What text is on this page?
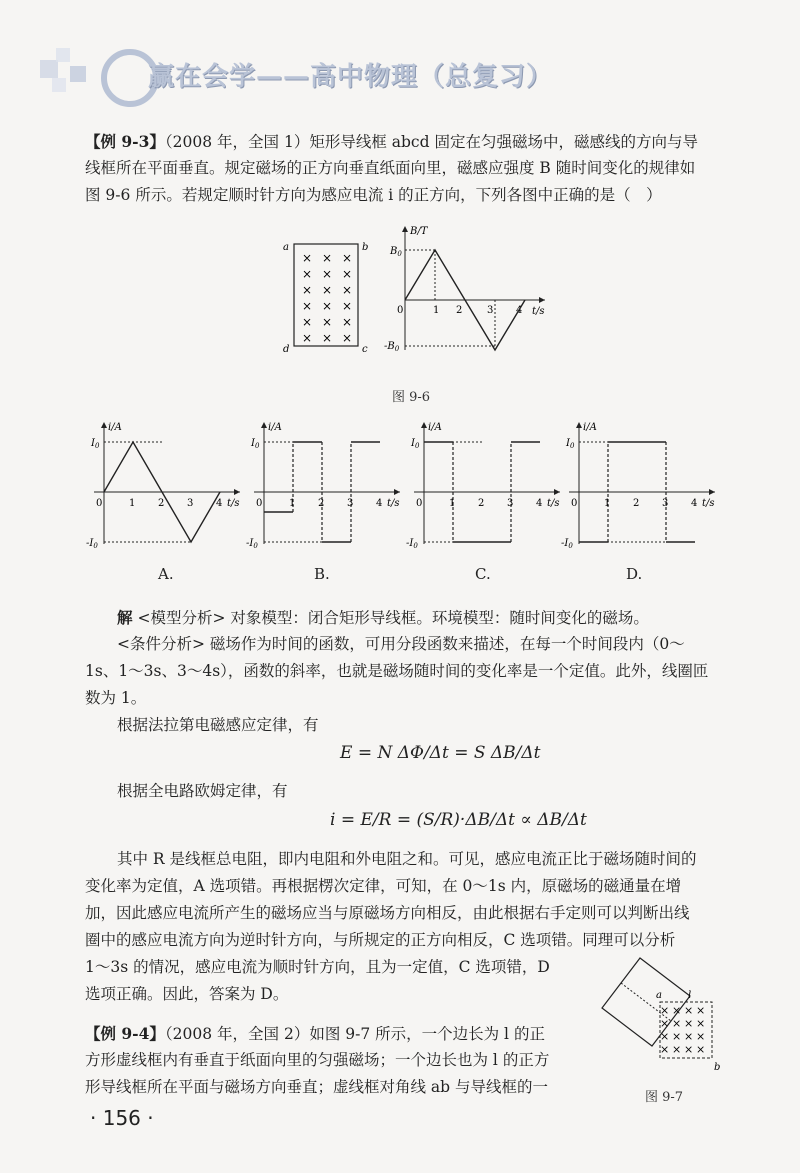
赢在会学——高中物理（总复习）
【例 9-3】（2008 年，全国 1）矩形导线框 abcd 固定在匀强磁场中，磁感线的方向与导
线框所在平面垂直。规定磁场的正方向垂直纸面向里，磁感应强度 B 随时间变化的规律如
图 9-6 所示。若规定顺时针方向为感应电流 i 的正方向，下列各图中正确的是（　）
× × ×
× × ×
× × ×
× × ×
× × ×
× × ×
a	b
c
d
B/T
t/s
$B_0$
$-B_0$
0	1 2 3 4
图 9-6
i/A
t/s
$I_0$
$-I_0$
0	1 2 3 4
i/A
t/s
$I_0$
$-I_0$
0	1 2 3 4
i/A
t/s
$I_0$
$-I_0$
0	1 2 3 4
i/A
t/s
$I_0$
$-I_0$
0	1 2 3 4
A.	B.	C.	D.
解 <模型分析> 对象模型：闭合矩形导线框。环境模型：随时间变化的磁场。
<条件分析> 磁场作为时间的函数，可用分段函数来描述，在每一个时间段内（0～
1s、1～3s、3～4s），函数的斜率，也就是磁场随时间的变化率是一个定值。此外，线圈匝
数为 1。
根据法拉第电磁感应定律，有
E = N ΔΦ/Δt = S ΔB/Δt
根据全电路欧姆定律，有
i = E/R = (S/R)·ΔB/Δt ∝ ΔB/Δt
其中 R 是线框总电阻，即内电阻和外电阻之和。可见，感应电流正比于磁场随时间的
变化率为定值，A 选项错。再根据楞次定律，可知，在 0～1s 内，原磁场的磁通量在增
加，因此感应电流所产生的磁场应当与原磁场方向相反，由此根据右手定则可以判断出线
圈中的感应电流方向为逆时针方向，与所规定的正方向相反，C 选项错。同理可以分析
1～3s 的情况，感应电流为顺时针方向，且为一定值，C 选项错，D
选项正确。因此，答案为 D。
【例 9-4】（2008 年，全国 2）如图 9-7 所示，一个边长为 l 的正
方形虚线框内有垂直于纸面向里的匀强磁场；一个边长也为 l 的正方
形导线框所在平面与磁场方向垂直；虚线框对角线 ab 与导线框的一
× × × ×
× × × ×
× × × ×
× × × ×
a
b
l
图 9-7
· 156 ·
